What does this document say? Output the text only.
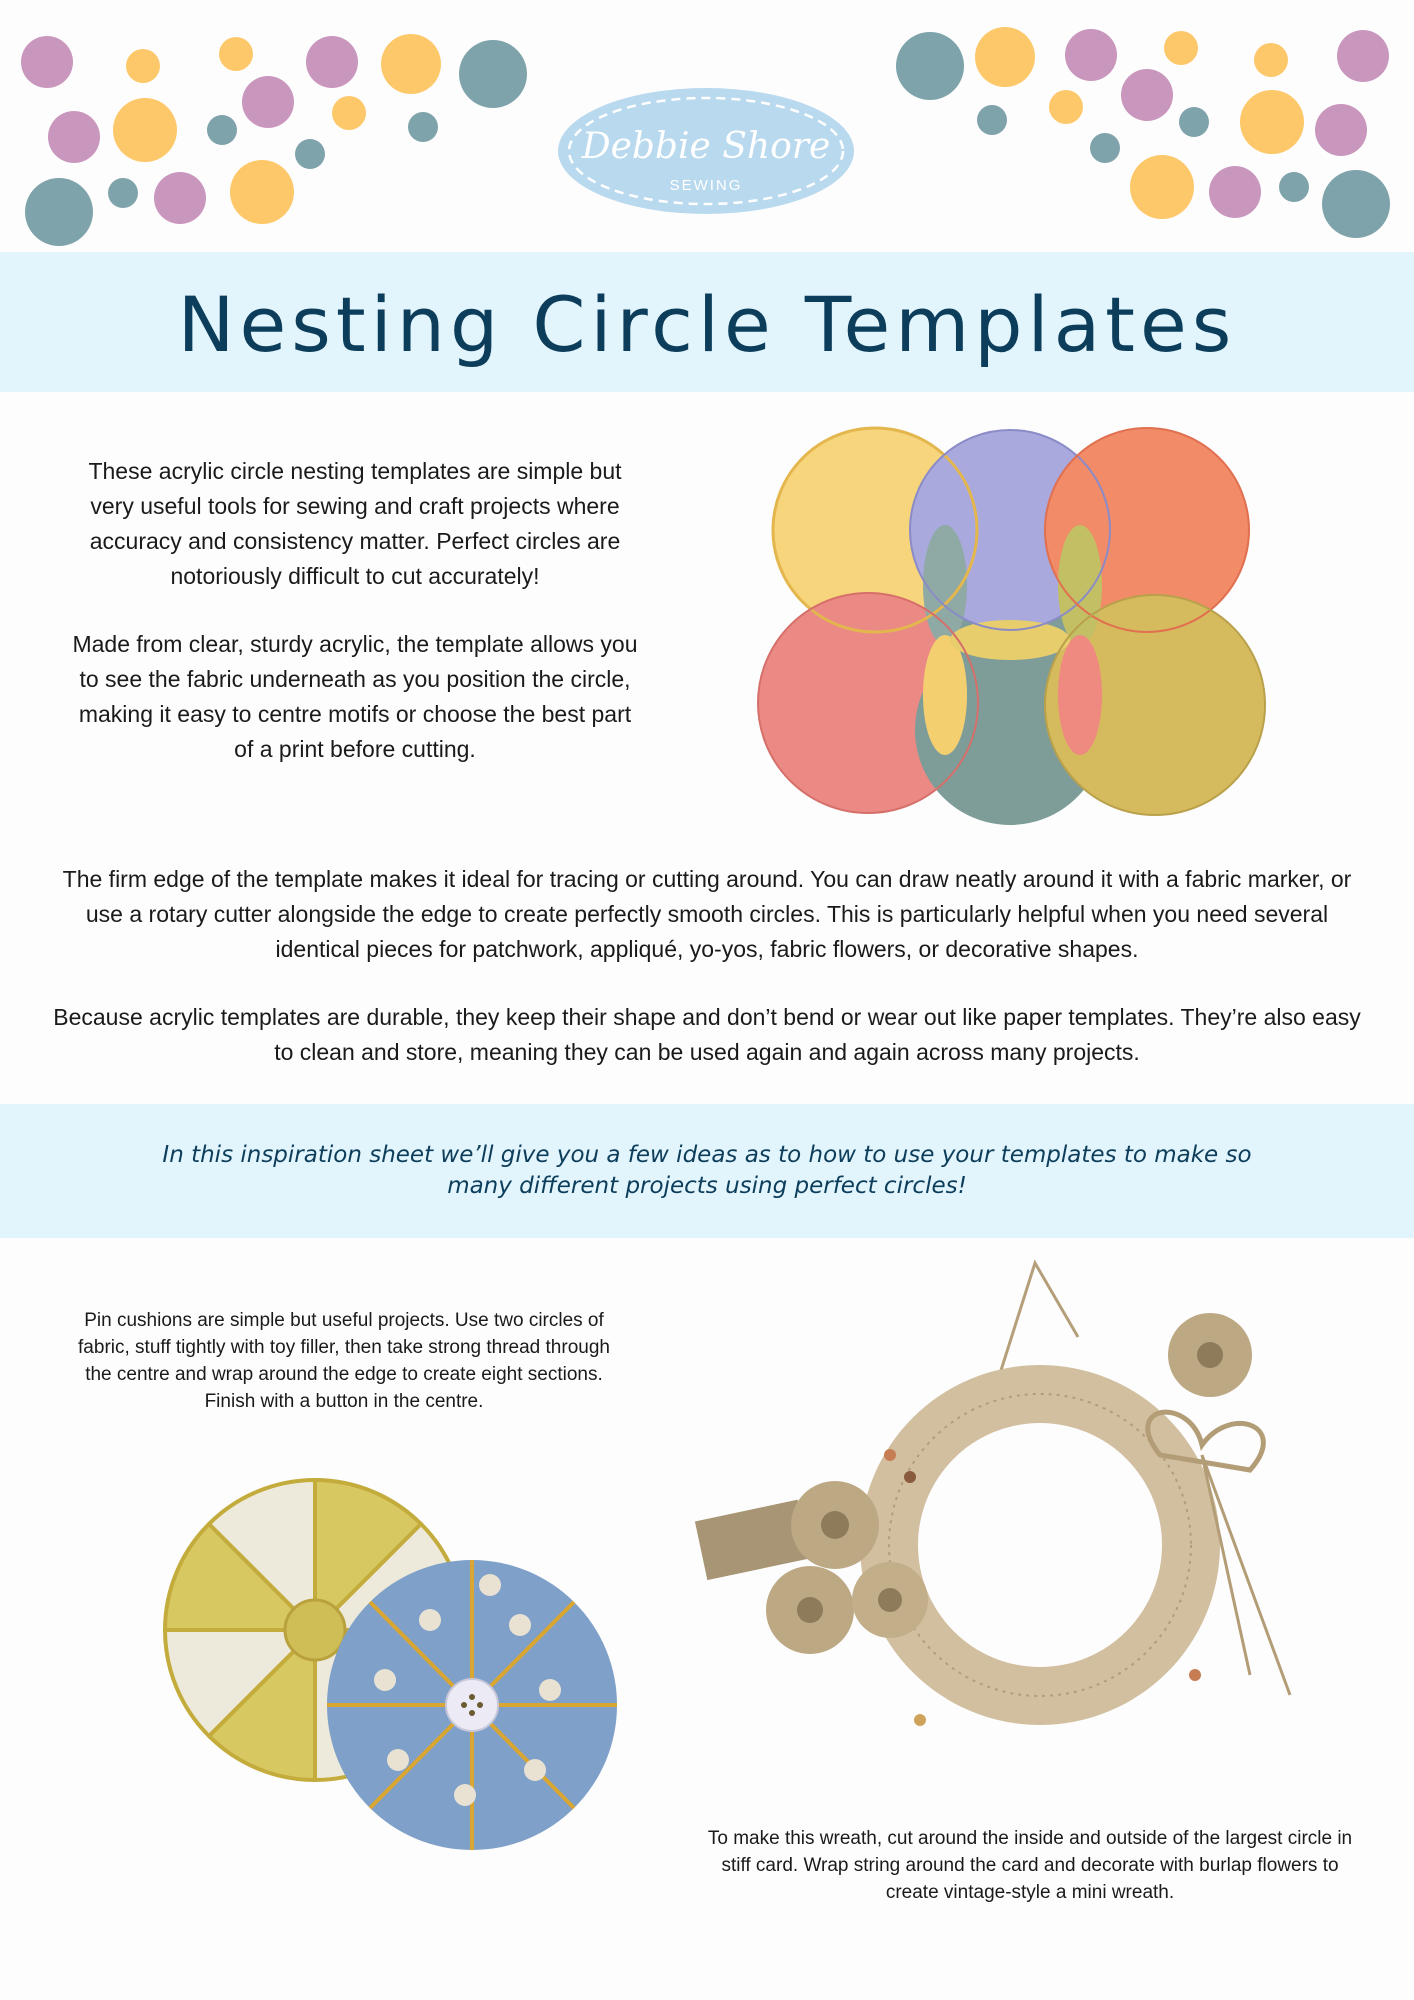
Debbie Shore
SEWING
Nesting Circle Templates

These acrylic circle nesting templates are simple but very useful tools for sewing and craft projects where accuracy and consistency matter. Perfect circles are notoriously difficult to cut accurately!

Made from clear, sturdy acrylic, the template allows you to see the fabric underneath as you position the circle, making it easy to centre motifs or choose the best part of a print before cutting.

The firm edge of the template makes it ideal for tracing or cutting around. You can draw neatly around it with a fabric marker, or use a rotary cutter alongside the edge to create perfectly smooth circles. This is particularly helpful when you need several identical pieces for patchwork, appliqué, yo-yos, fabric flowers, or decorative shapes.

Because acrylic templates are durable, they keep their shape and don’t bend or wear out like paper templates. They’re also easy to clean and store, meaning they can be used again and again across many projects.

In this inspiration sheet we’ll give you a few ideas as to how to use your templates to make so many different projects using perfect circles!

Pin cushions are simple but useful projects. Use two circles of fabric, stuff tightly with toy filler, then take strong thread through the centre and wrap around the edge to create eight sections. Finish with a button in the centre.

To make this wreath, cut around the inside and outside of the largest circle in stiff card. Wrap string around the card and decorate with burlap flowers to create vintage-style a mini wreath.
